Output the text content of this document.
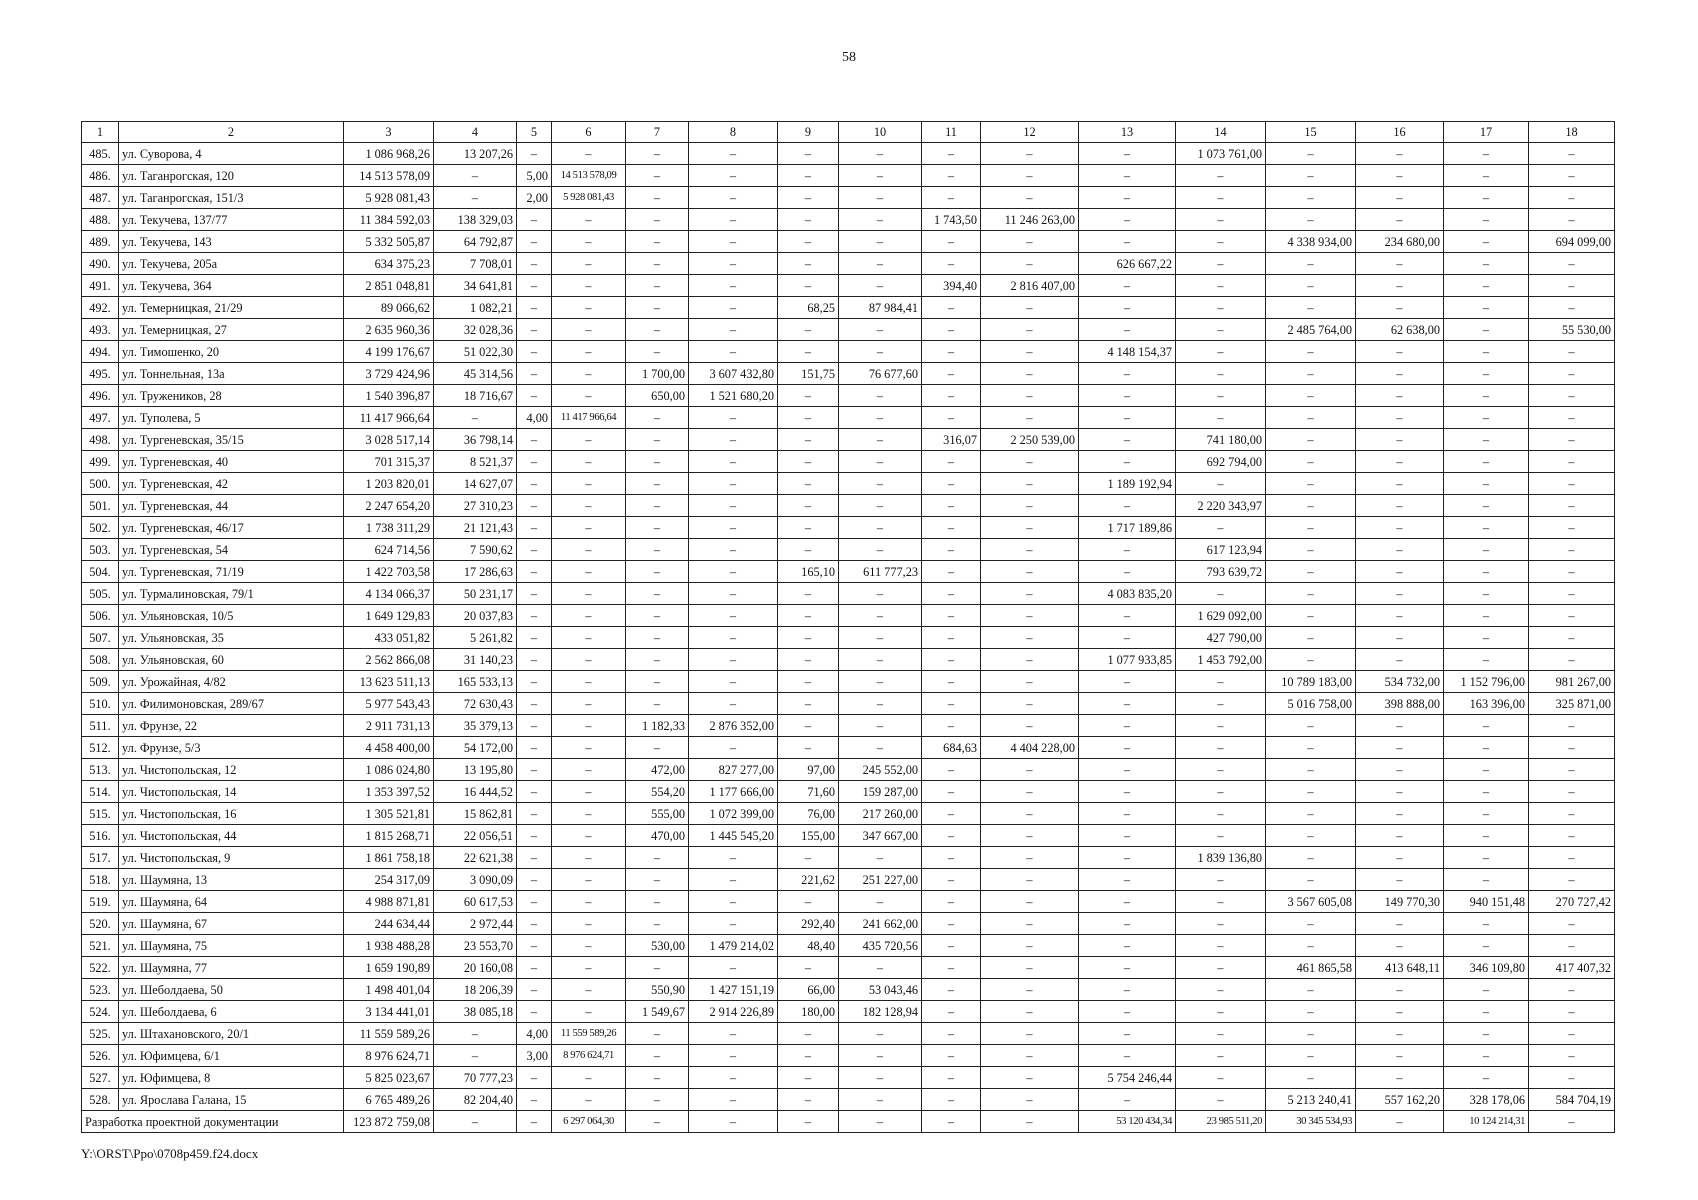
58
1	2	3	4	5	6	7	8	9	10	11	12	13	14	15	16	17	18
485.	ул. Суворова, 4	1 086 968,26	13 207,26	–	–	–	–	–	–	–	–	–	1 073 761,00	–	–	–	–
486.	ул. Таганрогская, 120	14 513 578,09	–	5,00	14 513 578,09	–	–	–	–	–	–	–	–	–	–	–	–
487.	ул. Таганрогская, 151/3	5 928 081,43	–	2,00	5 928 081,43	–	–	–	–	–	–	–	–	–	–	–	–
488.	ул. Текучева, 137/77	11 384 592,03	138 329,03	–	–	–	–	–	–	1 743,50	11 246 263,00	–	–	–	–	–	–
489.	ул. Текучева, 143	5 332 505,87	64 792,87	–	–	–	–	–	–	–	–	–	–	4 338 934,00	234 680,00	–	694 099,00
490.	ул. Текучева, 205а	634 375,23	7 708,01	–	–	–	–	–	–	–	–	626 667,22	–	–	–	–	–
491.	ул. Текучева, 364	2 851 048,81	34 641,81	–	–	–	–	–	–	394,40	2 816 407,00	–	–	–	–	–	–
492.	ул. Темерницкая, 21/29	89 066,62	1 082,21	–	–	–	–	68,25	87 984,41	–	–	–	–	–	–	–	–
493.	ул. Темерницкая, 27	2 635 960,36	32 028,36	–	–	–	–	–	–	–	–	–	–	2 485 764,00	62 638,00	–	55 530,00
494.	ул. Тимошенко, 20	4 199 176,67	51 022,30	–	–	–	–	–	–	–	–	4 148 154,37	–	–	–	–	–
495.	ул. Тоннельная, 13а	3 729 424,96	45 314,56	–	–	1 700,00	3 607 432,80	151,75	76 677,60	–	–	–	–	–	–	–	–
496.	ул. Тружеников, 28	1 540 396,87	18 716,67	–	–	650,00	1 521 680,20	–	–	–	–	–	–	–	–	–	–
497.	ул. Туполева, 5	11 417 966,64	–	4,00	11 417 966,64	–	–	–	–	–	–	–	–	–	–	–	–
498.	ул. Тургеневская, 35/15	3 028 517,14	36 798,14	–	–	–	–	–	–	316,07	2 250 539,00	–	741 180,00	–	–	–	–
499.	ул. Тургеневская, 40	701 315,37	8 521,37	–	–	–	–	–	–	–	–	–	692 794,00	–	–	–	–
500.	ул. Тургеневская, 42	1 203 820,01	14 627,07	–	–	–	–	–	–	–	–	1 189 192,94	–	–	–	–	–
501.	ул. Тургеневская, 44	2 247 654,20	27 310,23	–	–	–	–	–	–	–	–	–	2 220 343,97	–	–	–	–
502.	ул. Тургеневская, 46/17	1 738 311,29	21 121,43	–	–	–	–	–	–	–	–	1 717 189,86	–	–	–	–	–
503.	ул. Тургеневская, 54	624 714,56	7 590,62	–	–	–	–	–	–	–	–	–	617 123,94	–	–	–	–
504.	ул. Тургеневская, 71/19	1 422 703,58	17 286,63	–	–	–	–	165,10	611 777,23	–	–	–	793 639,72	–	–	–	–
505.	ул. Турмалиновская, 79/1	4 134 066,37	50 231,17	–	–	–	–	–	–	–	–	4 083 835,20	–	–	–	–	–
506.	ул. Ульяновская, 10/5	1 649 129,83	20 037,83	–	–	–	–	–	–	–	–	–	1 629 092,00	–	–	–	–
507.	ул. Ульяновская, 35	433 051,82	5 261,82	–	–	–	–	–	–	–	–	–	427 790,00	–	–	–	–
508.	ул. Ульяновская, 60	2 562 866,08	31 140,23	–	–	–	–	–	–	–	–	1 077 933,85	1 453 792,00	–	–	–	–
509.	ул. Урожайная, 4/82	13 623 511,13	165 533,13	–	–	–	–	–	–	–	–	–	–	10 789 183,00	534 732,00	1 152 796,00	981 267,00
510.	ул. Филимоновская, 289/67	5 977 543,43	72 630,43	–	–	–	–	–	–	–	–	–	–	5 016 758,00	398 888,00	163 396,00	325 871,00
511.	ул. Фрунзе, 22	2 911 731,13	35 379,13	–	–	1 182,33	2 876 352,00	–	–	–	–	–	–	–	–	–	–
512.	ул. Фрунзе, 5/3	4 458 400,00	54 172,00	–	–	–	–	–	–	684,63	4 404 228,00	–	–	–	–	–	–
513.	ул. Чистопольская, 12	1 086 024,80	13 195,80	–	–	472,00	827 277,00	97,00	245 552,00	–	–	–	–	–	–	–	–
514.	ул. Чистопольская, 14	1 353 397,52	16 444,52	–	–	554,20	1 177 666,00	71,60	159 287,00	–	–	–	–	–	–	–	–
515.	ул. Чистопольская, 16	1 305 521,81	15 862,81	–	–	555,00	1 072 399,00	76,00	217 260,00	–	–	–	–	–	–	–	–
516.	ул. Чистопольская, 44	1 815 268,71	22 056,51	–	–	470,00	1 445 545,20	155,00	347 667,00	–	–	–	–	–	–	–	–
517.	ул. Чистопольская, 9	1 861 758,18	22 621,38	–	–	–	–	–	–	–	–	–	1 839 136,80	–	–	–	–
518.	ул. Шаумяна, 13	254 317,09	3 090,09	–	–	–	–	221,62	251 227,00	–	–	–	–	–	–	–	–
519.	ул. Шаумяна, 64	4 988 871,81	60 617,53	–	–	–	–	–	–	–	–	–	–	3 567 605,08	149 770,30	940 151,48	270 727,42
520.	ул. Шаумяна, 67	244 634,44	2 972,44	–	–	–	–	292,40	241 662,00	–	–	–	–	–	–	–	–
521.	ул. Шаумяна, 75	1 938 488,28	23 553,70	–	–	530,00	1 479 214,02	48,40	435 720,56	–	–	–	–	–	–	–	–
522.	ул. Шаумяна, 77	1 659 190,89	20 160,08	–	–	–	–	–	–	–	–	–	–	461 865,58	413 648,11	346 109,80	417 407,32
523.	ул. Шеболдаева, 50	1 498 401,04	18 206,39	–	–	550,90	1 427 151,19	66,00	53 043,46	–	–	–	–	–	–	–	–
524.	ул. Шеболдаева, 6	3 134 441,01	38 085,18	–	–	1 549,67	2 914 226,89	180,00	182 128,94	–	–	–	–	–	–	–	–
525.	ул. Штахановского, 20/1	11 559 589,26	–	4,00	11 559 589,26	–	–	–	–	–	–	–	–	–	–	–	–
526.	ул. Юфимцева, 6/1	8 976 624,71	–	3,00	8 976 624,71	–	–	–	–	–	–	–	–	–	–	–	–
527.	ул. Юфимцева, 8	5 825 023,67	70 777,23	–	–	–	–	–	–	–	–	5 754 246,44	–	–	–	–	–
528.	ул. Ярослава Галана, 15	6 765 489,26	82 204,40	–	–	–	–	–	–	–	–	–	–	5 213 240,41	557 162,20	328 178,06	584 704,19
Разработка проектной документации		123 872 759,08	–	–	6 297 064,30	–	–	–	–	–	–	53 120 434,34	23 985 511,20	30 345 534,93	–	10 124 214,31	–
Y:\ORST\Ppo\0708p459.f24.docx
